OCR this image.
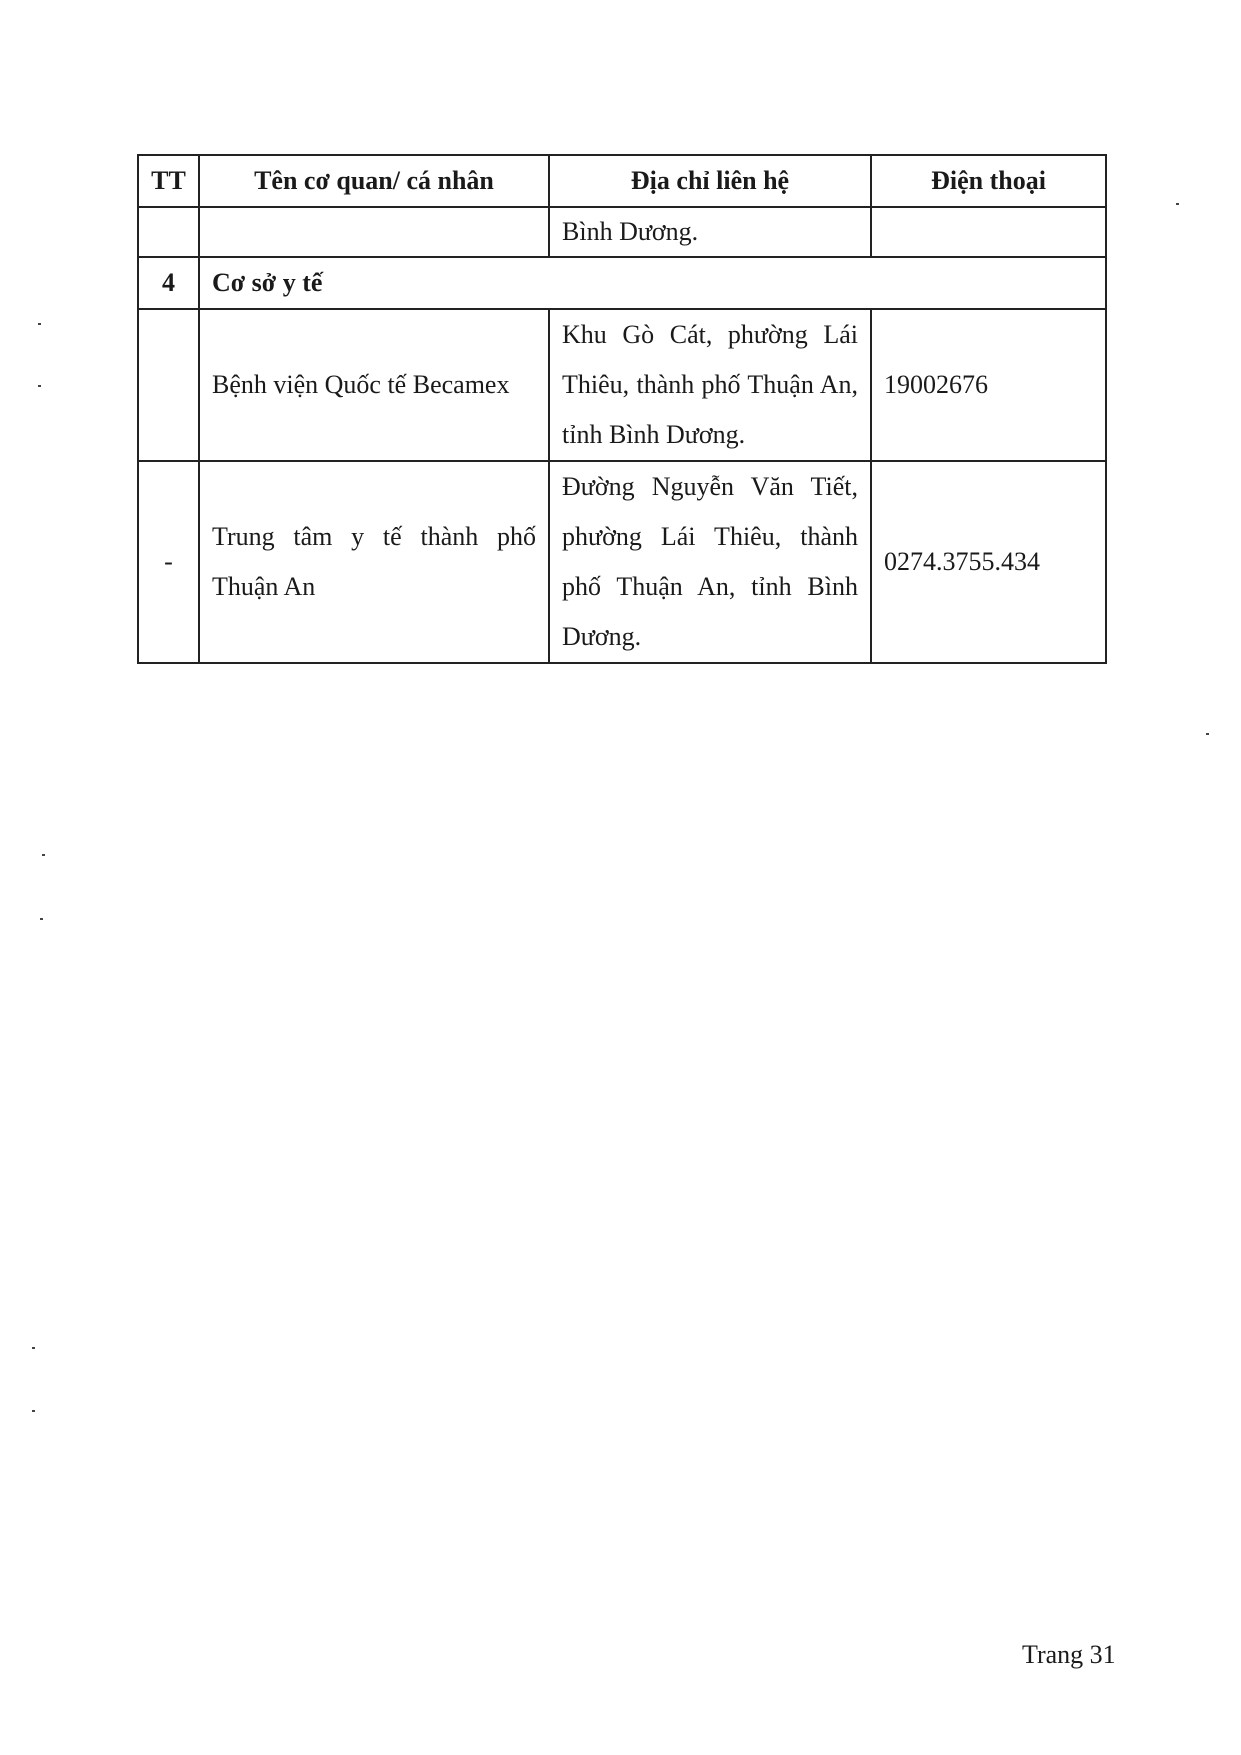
TT	Tên cơ quan/ cá nhân	Địa chỉ liên hệ	Điện thoại
		Bình Dương.	
4	Cơ sở y tế		
	Bệnh viện Quốc tế Becamex	Khu Gò Cát, phường Lái Thiêu, thành phố Thuận An, tỉnh Bình Dương.	19002676
-	Trung tâm y tế thành phố Thuận An	Đường Nguyễn Văn Tiết, phường Lái Thiêu, thành phố Thuận An, tỉnh Bình Dương.	0274.3755.434
Trang 31
